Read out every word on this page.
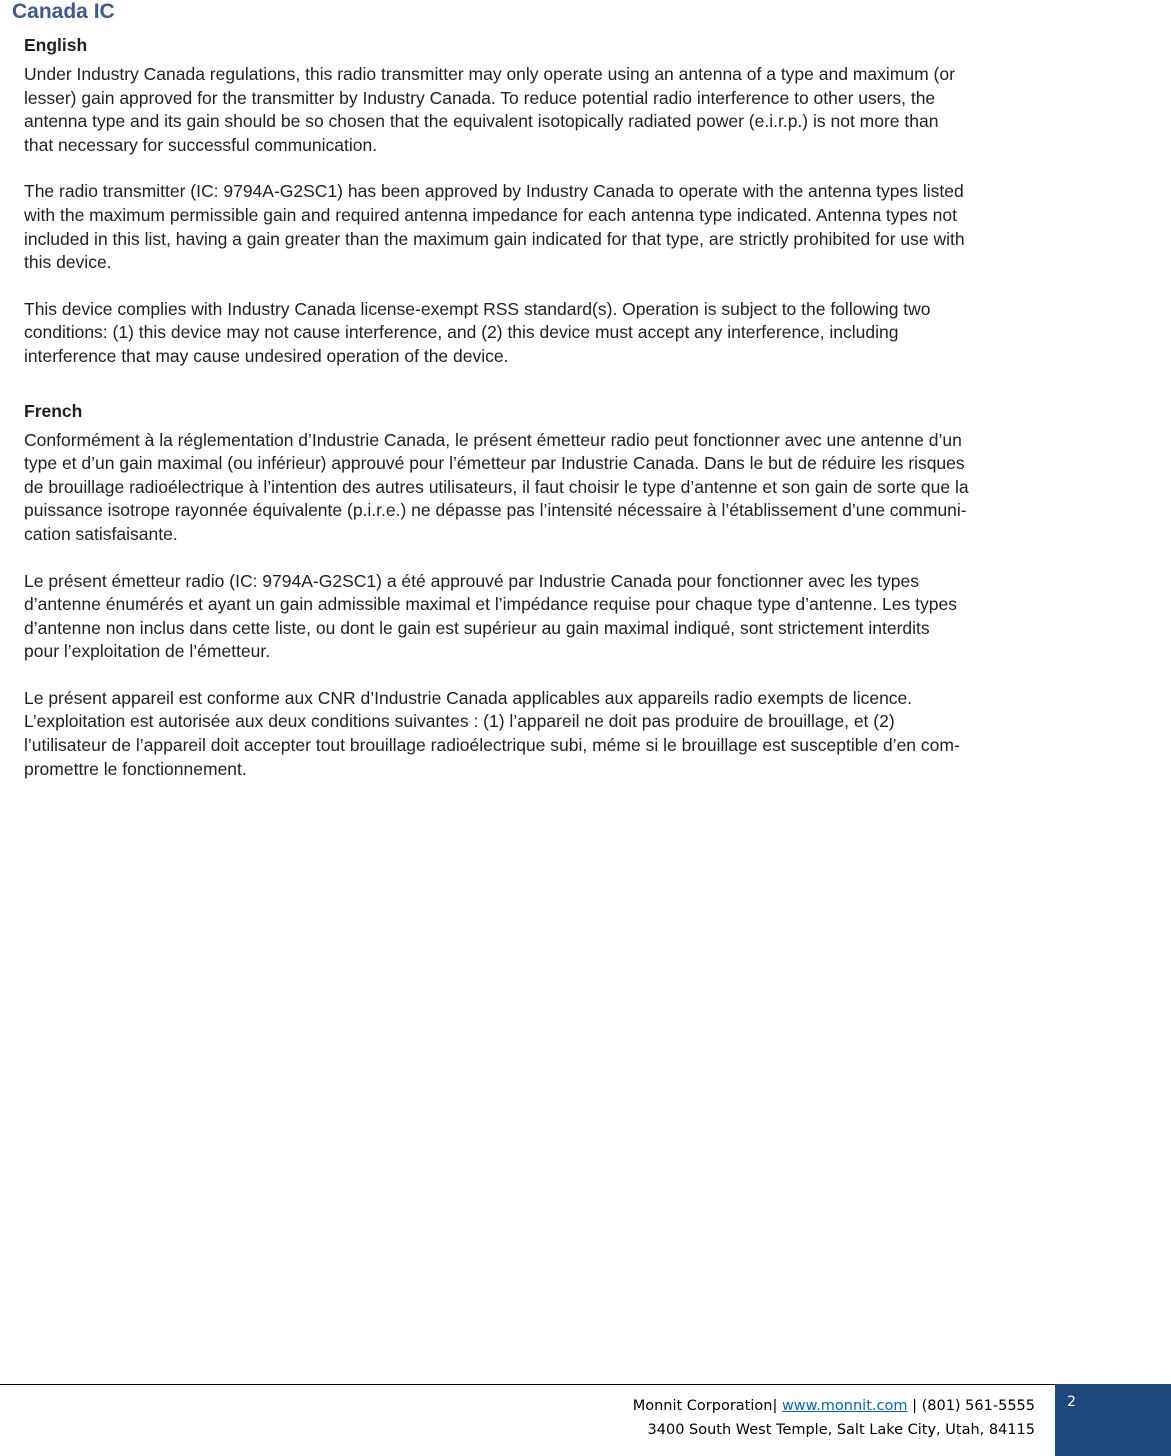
Canada IC
English
Under Industry Canada regulations, this radio transmitter may only operate using an antenna of a type and maximum (or
lesser) gain approved for the transmitter by Industry Canada. To reduce potential radio interference to other users, the
antenna type and its gain should be so chosen that the equivalent isotopically radiated power (e.i.r.p.) is not more than
that necessary for successful communication.
The radio transmitter (IC: 9794A-G2SC1) has been approved by Industry Canada to operate with the antenna types listed
with the maximum permissible gain and required antenna impedance for each antenna type indicated. Antenna types not
included in this list, having a gain greater than the maximum gain indicated for that type, are strictly prohibited for use with
this device.
This device complies with Industry Canada license-exempt RSS standard(s). Operation is subject to the following two
conditions: (1) this device may not cause interference, and (2) this device must accept any interference, including
interference that may cause undesired operation of the device.
French
Conformément à la réglementation d’Industrie Canada, le présent émetteur radio peut fonctionner avec une antenne d’un
type et d’un gain maximal (ou inférieur) approuvé pour l’émetteur par Industrie Canada. Dans le but de réduire les risques
de brouillage radioélectrique à l’intention des autres utilisateurs, il faut choisir le type d’antenne et son gain de sorte que la
puissance isotrope rayonnée équivalente (p.i.r.e.) ne dépasse pas l’intensité nécessaire à l’établissement d’une communi-
cation satisfaisante.
Le présent émetteur radio (IC: 9794A-G2SC1) a été approuvé par Industrie Canada pour fonctionner avec les types
d’antenne énumérés et ayant un gain admissible maximal et l’impédance requise pour chaque type d’antenne. Les types
d’antenne non inclus dans cette liste, ou dont le gain est supérieur au gain maximal indiqué, sont strictement interdits
pour l’exploitation de l’émetteur.
Le présent appareil est conforme aux CNR d’Industrie Canada applicables aux appareils radio exempts de licence.
L’exploitation est autorisée aux deux conditions suivantes : (1) l’appareil ne doit pas produire de brouillage, et (2)
l’utilisateur de l’appareil doit accepter tout brouillage radioélectrique subi, méme si le brouillage est susceptible d’en com-
promettre le fonctionnement.
Monnit Corporation| www.monnit.com | (801) 561-5555
3400 South West Temple, Salt Lake City, Utah, 84115
2
